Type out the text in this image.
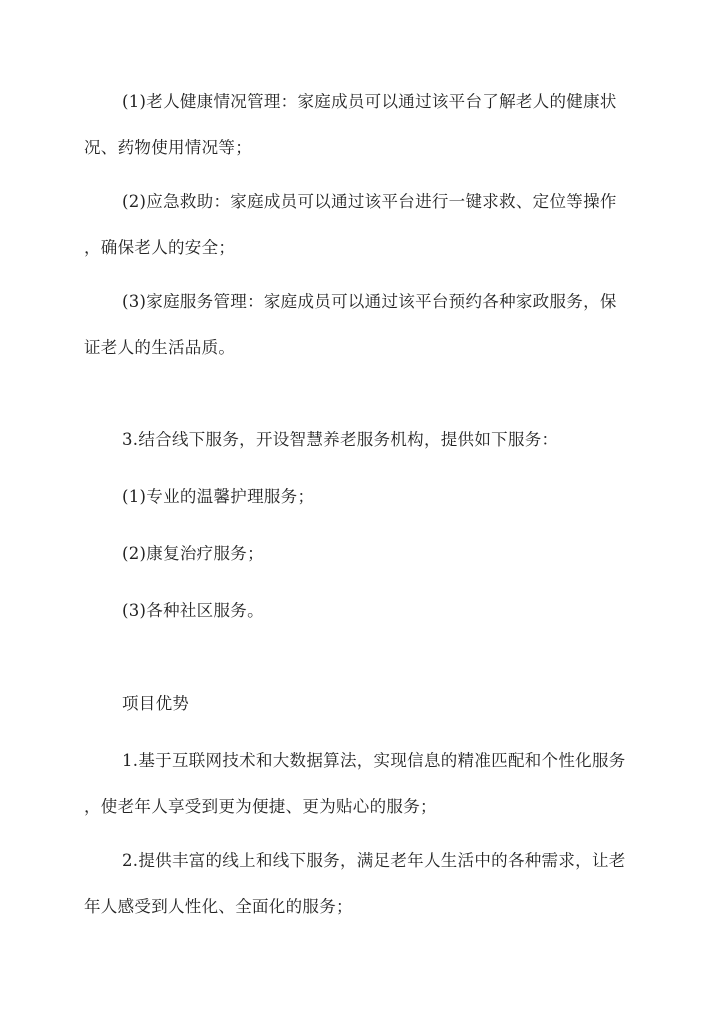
(1)老人健康情况管理：家庭成员可以通过该平台了解老人的健康状
况、药物使用情况等；
(2)应急救助：家庭成员可以通过该平台进行一键求救、定位等操作
，确保老人的安全；
(3)家庭服务管理：家庭成员可以通过该平台预约各种家政服务，保
证老人的生活品质。
3.结合线下服务，开设智慧养老服务机构，提供如下服务：
(1)专业的温馨护理服务；
(2)康复治疗服务；
(3)各种社区服务。
项目优势
1.基于互联网技术和大数据算法，实现信息的精准匹配和个性化服务
，使老年人享受到更为便捷、更为贴心的服务；
2.提供丰富的线上和线下服务，满足老年人生活中的各种需求，让老
年人感受到人性化、全面化的服务；
